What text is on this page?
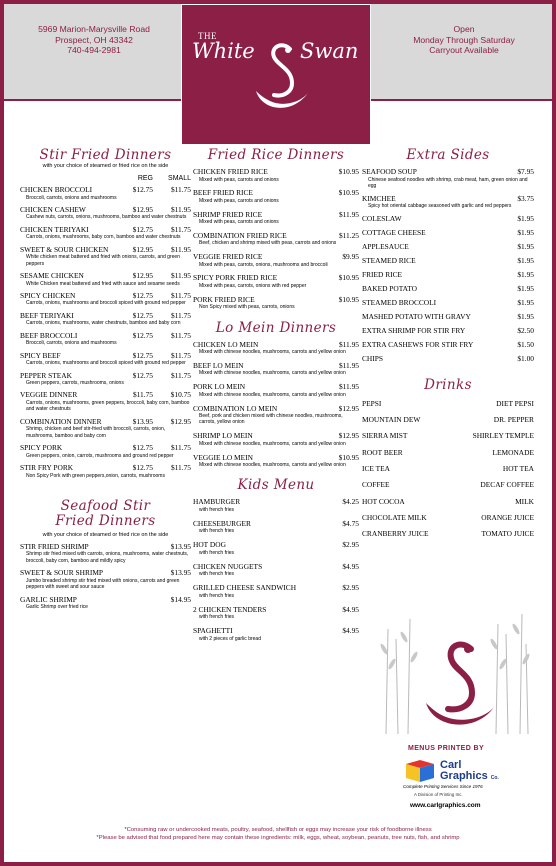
5969 Marion-Marysville Road
Prospect, OH 43342
740-494-2981
Open
Monday Through Saturday
Carryout Available
THE
White Swan
Stir Fried Dinners
with your choice of steamed or fried rice on the side
REG	SMALL
CHICKEN BROCCOLI	$12.75	$11.75
Broccoli, carrots, onions and mushrooms
CHICKEN CASHEW	$12.95	$11.95
Cashew nuts, carrots, onions, mushrooms, bamboo and water chestnuts
CHICKEN TERIYAKI	$12.75	$11.75
Carrots, onions, mushrooms, baby corn, bamboo and water chestnuts
SWEET & SOUR CHICKEN	$12.95	$11.95
White chicken meat battered and fried with onions, carrots, and green peppers
SESAME CHICKEN	$12.95	$11.95
White Chicken meat battered and fried with sauce and sesame seeds
SPICY CHICKEN	$12.75	$11.75
Carrots, onions, mushrooms and broccoli spiced with ground red pepper
BEEF TERIYAKI	$12.75	$11.75
Carrots, onions, mushrooms, water chestnuts, bamboo and baby corn
BEEF BROCCOLI	$12.75	$11.75
Broccoli, carrots, onions and mushrooms
SPICY BEEF	$12.75	$11.75
Carrots, onions, mushrooms and broccoli spiced with ground red pepper
PEPPER STEAK	$12.75	$11.75
Green peppers, carrots, mushrooms, onions
VEGGIE DINNER	$11.75	$10.75
Carrots, onions, mushrooms, green peppers, broccoli, baby corn, bamboo and water chestnuts
COMBINATION DINNER	$13.95	$12.95
Shrimp, chicken and beef stir-fried with broccoli, carrots, onion, mushrooms, bamboo and baby corn
SPICY PORK	$12.75	$11.75
Green peppers, onion, carrots, mushrooms and ground red pepper
STIR FRY PORK	$12.75	$11.75
Non Spicy Pork with green peppers,onion, carrots, mushrooms
Seafood Stir
Fried Dinners
with your choice of steamed or fried rice on the side
STIR FRIED SHRIMP	$13.95
Shrimp stir fried mixed with carrots, onions, mushrooms, water chestnuts, broccoli, baby corn, bamboo and mildly spicy
SWEET & SOUR SHRIMP	$13.95
Jumbo breaded shrimp stir fried mixed with onions, carrots and green peppers with sweet and sour sauce
GARLIC SHRIMP	$14.95
Garlic Shrimp over fried rice
Fried Rice Dinners
CHICKEN FRIED RICE	$10.95
Mixed with peas, carrots and onions
BEEF FRIED RICE	$10.95
Mixed with peas, carrots and onions
SHRIMP FRIED RICE	$11.95
Mixed with peas, carrots and onions
COMBINATION FRIED RICE	$11.25
Beef, chicken and shrimp mixed with peas, carrots and onions
VEGGIE FRIED RICE	$9.95
Mixed with peas, carrots, onions, mushrooms and broccoli
SPICY PORK FRIED RICE	$10.95
Mixed with peas, carrots, onions with red pepper
PORK FRIED RICE	$10.95
Non Spicy mixed with peas, carrots, onions
Lo Mein Dinners
CHICKEN LO MEIN	$11.95
Mixed with chinese noodles, mushrooms, carrots and yellow onion
BEEF LO MEIN	$11.95
Mixed with chinese noodles, mushrooms, carrots and yellow onion
PORK LO MEIN	$11.95
Mixed with chinese noodles, mushrooms, carrots and yellow onion
COMBINATION LO MEIN	$12.95
Beef, pork and chicken mixed with chinese noodles, mushrooms, carrots, yellow onion
SHRIMP LO MEIN	$12.95
Mixed with chinese noodles, mushrooms, carrots and yellow onion
VEGGIE LO MEIN	$10.95
Mixed with chinese noodles, mushrooms, carrots and yellow onion
Kids Menu
HAMBURGER	$4.25
with french fries
CHEESEBURGER	$4.75
with french fries
HOT DOG	$2.95
with french fries
CHICKEN NUGGETS	$4.95
with french fries
GRILLED CHEESE SANDWICH	$2.95
with french fries
2 CHICKEN TENDERS	$4.95
with french fries
SPAGHETTI	$4.95
with 2 pieces of garlic bread
Extra Sides
SEAFOOD SOUP	$7.95
Chinese seafood noodles with shrimp, crab meat, ham, green onion and egg
KIMCHEE	$3.75
Spicy hot oriental cabbage seasoned with garlic and red peppers
COLESLAW	$1.95
COTTAGE CHEESE	$1.95
APPLESAUCE	$1.95
STEAMED RICE	$1.95
FRIED RICE	$1.95
BAKED POTATO	$1.95
STEAMED BROCCOLI	$1.95
MASHED POTATO WITH GRAVY	$1.95
EXTRA SHRIMP FOR STIR FRY	$2.50
EXTRA CASHEWS FOR STIR FRY	$1.50
CHIPS	$1.00
Drinks
PEPSI	DIET PEPSI
MOUNTAIN DEW	DR. PEPPER
SIERRA MIST	SHIRLEY TEMPLE
ROOT BEER	LEMONADE
ICE TEA	HOT TEA
COFFEE	DECAF COFFEE
HOT COCOA	MILK
CHOCOLATE MILK	ORANGE JUICE
CRANBERRY JUICE	TOMATO JUICE
MENUS PRINTED BY
Carl
Graphics Co.
Complete Printing Services Since 1976
A Division of Printing Inc.
www.carlgraphics.com
*Consuming raw or undercooked meats, poultry, seafood, shellfish or eggs may increase your risk of foodborne illness
*Please be advised that food prepared here may contain these ingredients: milk, eggs, wheat, soybean, peanuts, tree nuts, fish, and shrimp
